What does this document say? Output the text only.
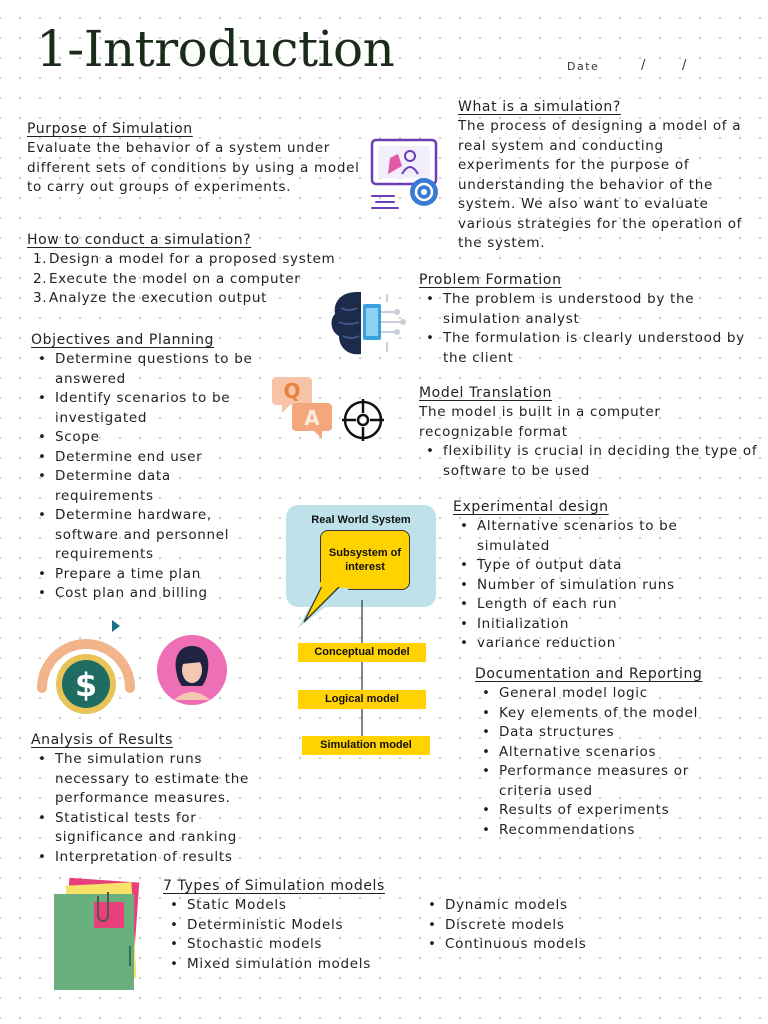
1-Introduction	Date	/	/
Purpose of Simulation
Evaluate the behavior of a system under different sets of conditions by using a model to carry out groups of experiments.
What is a simulation?
The process of designing a model of a real system and conducting experiments for the purpose of understanding the behavior of the system. We also want to evaluate various strategies for the operation of the system.
How to conduct a simulation?
1. Design a model for a proposed system
2. Execute the model on a computer
3. Analyze the execution output
Problem Formation
• The problem is understood by the simulation analyst
• The formulation is clearly understood by the client
Objectives and Planning
• Determine questions to be answered
• Identify scenarios to be investigated
• Scope
• Determine end user
• Determine data requirements
• Determine hardware, software and personnel requirements
• Prepare a time plan
• Cost plan and billing
Q
A
Model Translation
The model is built in a computer recognizable format
• flexibility is crucial in deciding the type of software to be used
Experimental design
• Alternative scenarios to be simulated
• Type of output data
• Number of simulation runs
• Length of each run
• Initialization
• variance reduction
Real World System
Subsystem of interest
Conceptual model
Logical model
Simulation model
$	Documentation and Reporting
• General model logic
• Key elements of the model
• Data structures
• Alternative scenarios
• Performance measures or criteria used
• Results of experiments
• Recommendations
Analysis of Results
• The simulation runs necessary to estimate the performance measures.
• Statistical tests for significance and ranking
• Interpretation of results
7 Types of Simulation models
• Static Models
• Deterministic Models
• Stochastic models
• Mixed simulation models
• Dynamic models
• Discrete models
• Continuous models
